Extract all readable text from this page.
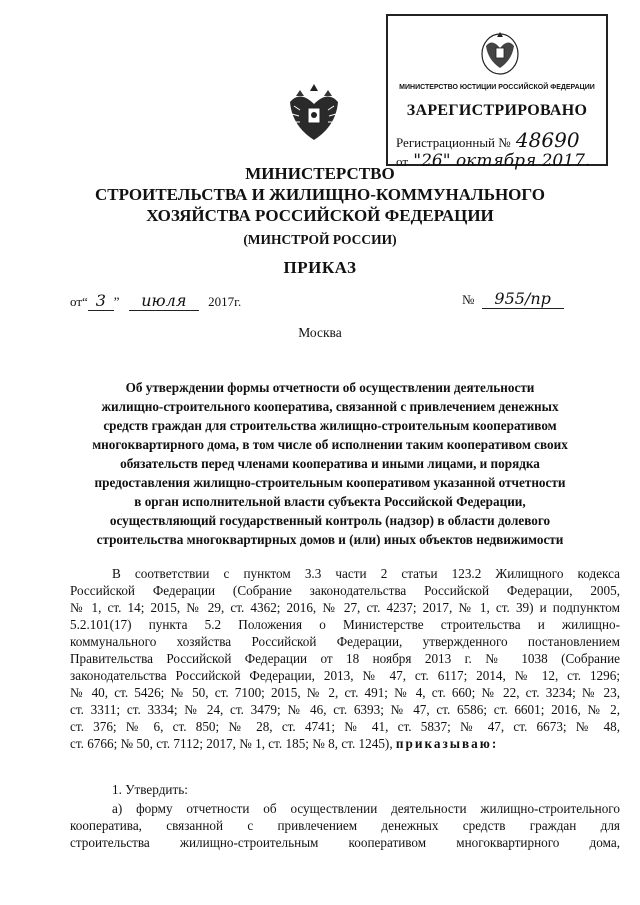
МИНИСТЕРСТВО ЮСТИЦИИ РОССИЙСКОЙ ФЕДЕРАЦИИ
ЗАРЕГИСТРИРОВАНО
Регистрационный № 48690
от "26" октября 2017.
МИНИСТЕРСТВО
СТРОИТЕЛЬСТВА И ЖИЛИЩНО-КОММУНАЛЬНОГО
ХОЗЯЙСТВА РОССИЙСКОЙ ФЕДЕРАЦИИ
(МИНСТРОЙ РОССИИ)
ПРИКАЗ
от“ 3 ” июля 2017г.	№ 955/пр
Москва
Об утверждении формы отчетности об осуществлении деятельности
жилищно-строительного кооператива, связанной с привлечением денежных
средств граждан для строительства жилищно-строительным кооперативом
многоквартирного дома, в том числе об исполнении таким кооперативом своих
обязательств перед членами кооператива и иными лицами, и порядка
предоставления жилищно-строительным кооперативом указанной отчетности
в орган исполнительной власти субъекта Российской Федерации,
осуществляющий государственный контроль (надзор) в области долевого
строительства многоквартирных домов и (или) иных объектов недвижимости
В соответствии с пунктом 3.3 части 2 статьи 123.2 Жилищного кодекса
Российской Федерации (Собрание законодательства Российской Федерации, 2005,
№ 1, ст. 14; 2015, № 29, ст. 4362; 2016, № 27, ст. 4237; 2017, № 1, ст. 39) и подпунктом
5.2.101(17) пункта 5.2 Положения о Министерстве строительства и жилищно-
коммунального хозяйства Российской Федерации, утвержденного постановлением
Правительства Российской Федерации от 18 ноября 2013 г. № 1038 (Собрание
законодательства Российской Федерации, 2013, № 47, ст. 6117; 2014, № 12, ст. 1296;
№ 40, ст. 5426; № 50, ст. 7100; 2015, № 2, ст. 491; № 4, ст. 660; № 22, ст. 3234; № 23,
ст. 3311; ст. 3334; № 24, ст. 3479; № 46, ст. 6393; № 47, ст. 6586; ст. 6601; 2016, № 2,
ст. 376; № 6, ст. 850; № 28, ст. 4741; № 41, ст. 5837; № 47, ст. 6673; № 48,
ст. 6766; № 50, ст. 7112; 2017, № 1, ст. 185; № 8, ст. 1245), приказываю:
1. Утвердить:
а) форму отчетности об осуществлении деятельности жилищно-строительного
кооператива, связанной с привлечением денежных средств граждан для
строительства жилищно-строительным кооперативом многоквартирного дома,
